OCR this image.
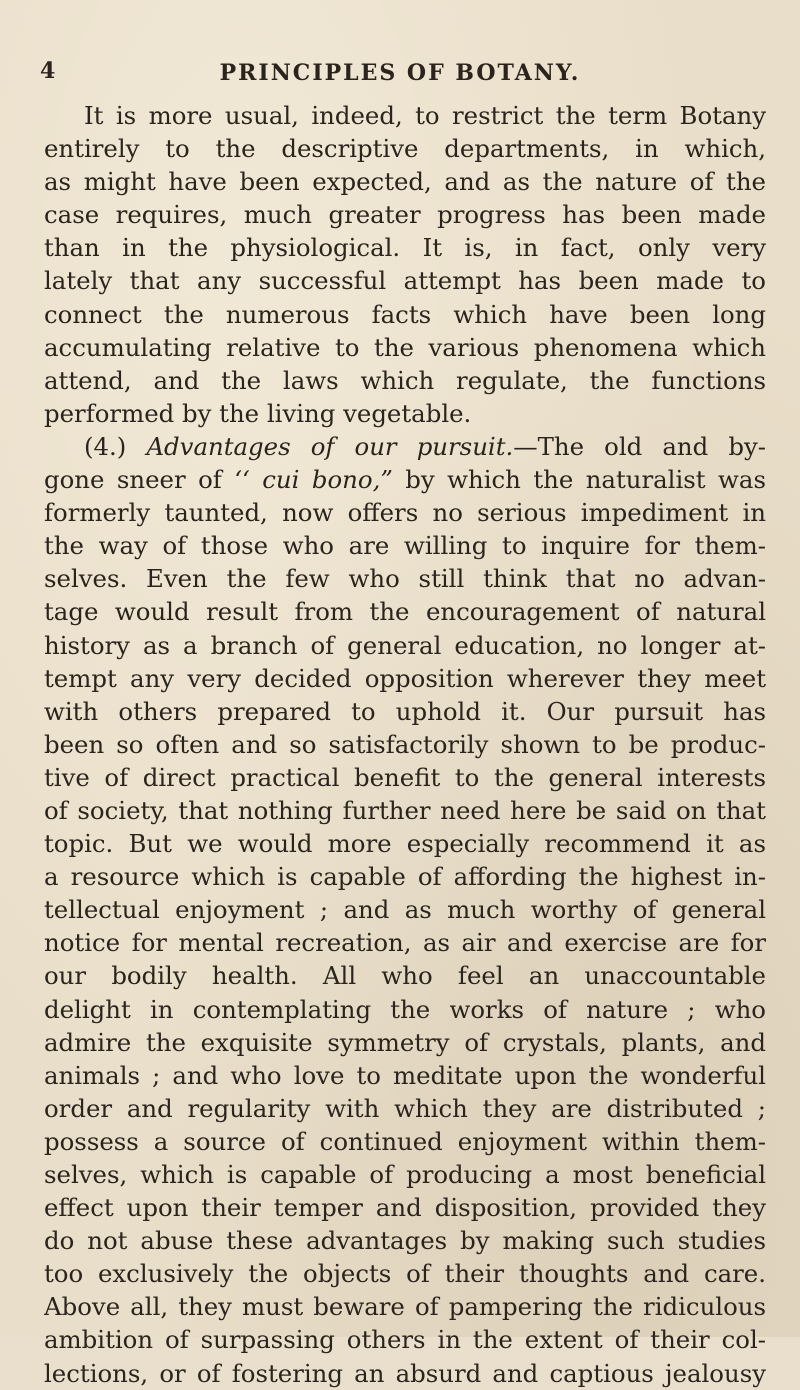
4	PRINCIPLES OF BOTANY.
It is more usual, indeed, to restrict the term Botany
entirely to the descriptive departments, in which,
as might have been expected, and as the nature of the
case requires, much greater progress has been made
than in the physiological. It is, in fact, only very
lately that any successful attempt has been made to
connect the numerous facts which have been long
accumulating relative to the various phenomena which
attend, and the laws which regulate, the functions
performed by the living vegetable.
(4.) Advantages of our pursuit.—The old and by-
gone sneer of ‘‘ cui bono,” by which the naturalist was
formerly taunted, now offers no serious impediment in
the way of those who are willing to inquire for them-
selves. Even the few who still think that no advan-
tage would result from the encouragement of natural
history as a branch of general education, no longer at-
tempt any very decided opposition wherever they meet
with others prepared to uphold it. Our pursuit has
been so often and so satisfactorily shown to be produc-
tive of direct practical benefit to the general interests
of society, that nothing further need here be said on that
topic. But we would more especially recommend it as
a resource which is capable of affording the highest in-
tellectual enjoyment ; and as much worthy of general
notice for mental recreation, as air and exercise are for
our bodily health. All who feel an unaccountable
delight in contemplating the works of nature ; who
admire the exquisite symmetry of crystals, plants, and
animals ; and who love to meditate upon the wonderful
order and regularity with which they are distributed ;
possess a source of continued enjoyment within them-
selves, which is capable of producing a most beneficial
effect upon their temper and disposition, provided they
do not abuse these advantages by making such studies
too exclusively the objects of their thoughts and care.
Above all, they must beware of pampering the ridiculous
ambition of surpassing others in the extent of their col-
lections, or of fostering an absurd and captious jealousy
